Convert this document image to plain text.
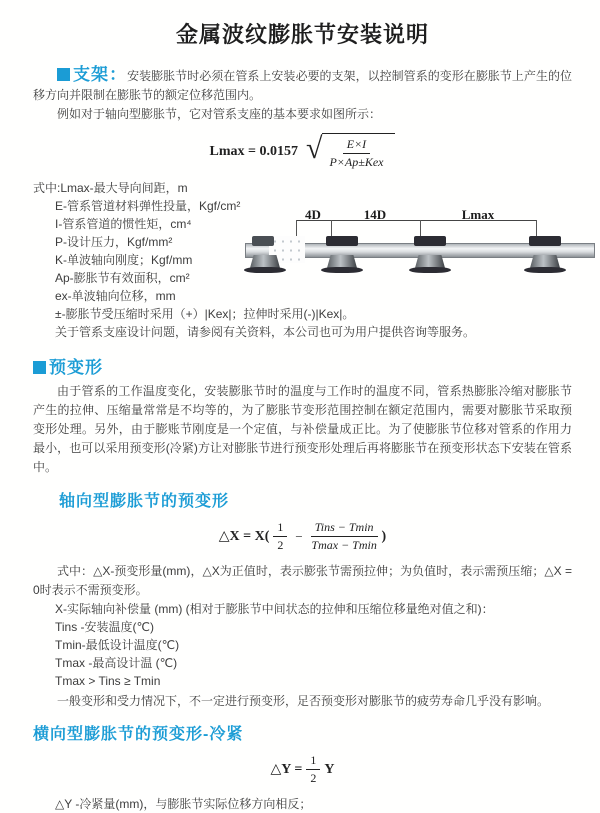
金属波纹膨胀节安装说明

支架：安装膨胀节时必须在管系上安装必要的支架，以控制管系的变形在膨胀节上产生的位移方向并限制在膨胀节的额定位移范围内。

例如对于轴向型膨胀节，它对管系支座的基本要求如图所示：

Lmax = 0.0157 √ $\frac{E\times I}{\text{P×Ap±Kex}}$
式中:Lmax-最大导向间距，m
E-管系管道材料弹性投量，Kgf/cm²
I-管系管道的惯性矩，cm⁴
P-设计压力，Kgf/mm²
K-单波轴向刚度；Kgf/mm
Ap-膨胀节有效面积，cm²
ex-单波轴向位移，mm
4D	14D	Lmax
±-膨胀节受压缩时采用（+）|Kex|；拉伸时采用(-)|Kex|。
关于管系支座设计问题，请参阅有关资料，本公司也可为用户提供咨询等服务。
预变形

由于管系的工作温度变化，安装膨胀节时的温度与工作时的温度不同，管系热膨胀冷缩对膨胀节产生的拉伸、压缩量常常是不均等的，为了膨胀节变形范围控制在额定范围内，需要对膨胀节采取预变形处理。另外，由于膨账节刚度是一个定值，与补偿量成正比。为了使膨胀节位移对管系的作用力最小，也可以采用预变形(冷紧)方让对膨胀节进行预变形处理后再将膨胀节在预变形状态下安装在管系中。

轴向型膨胀节的预变形
△X = $X( \frac{1}{2} - \frac{\text{Tins − Tmin}}{Tmax - Tmin}$ )

式中：△X-预变形量(mm)，△X为正值时，表示膨张节需预拉伸；为负值时，表示需预压缩；△X = 0时表示不需预变形。

X-实际轴向补偿量 (mm) (相对于膨胀节中间状态的拉伸和压缩位移量绝对值之和)：
Tins -安装温度(℃)
Tmin-最低设计温度(℃)
Tmax -最高设计温 (℃)
Tmax > Tins ≥ Tmin
一般变形和受力情况下，不一定进行预变形，足否预变形对膨胀节的疲劳寿命几乎没有影响。
横向型膨胀节的预变形-冷紧
△Y = $\frac{1}{2}$ Y
△Y -冷紧量(mm)，与膨胀节实际位移方向相反；
